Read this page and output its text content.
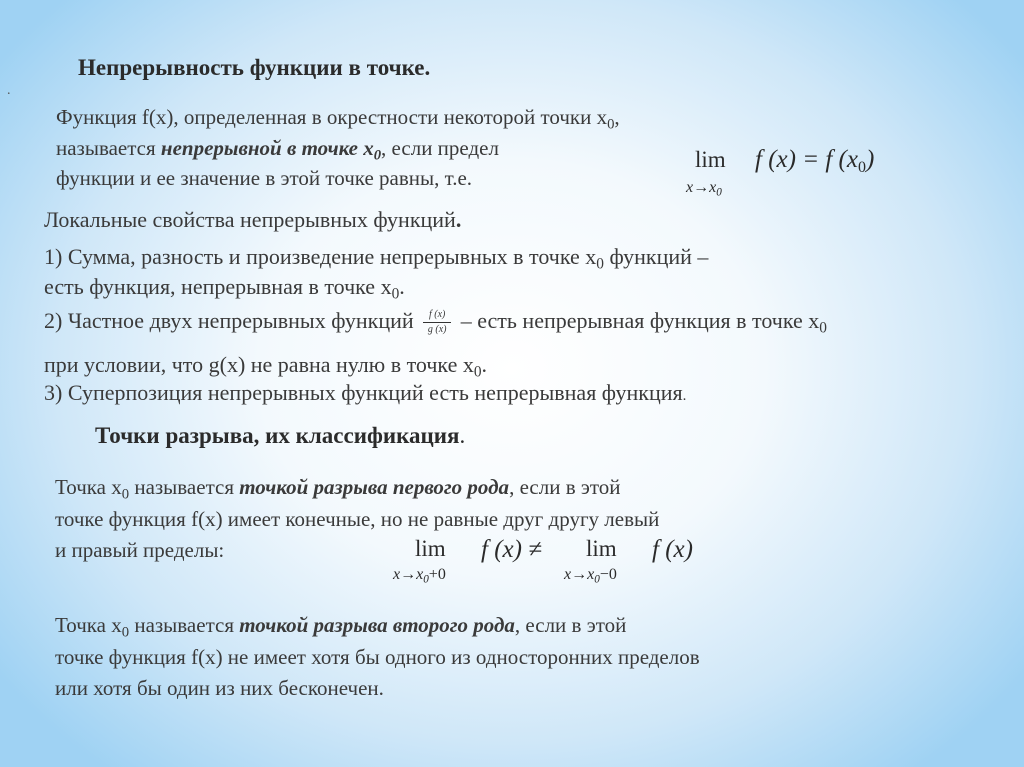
.
Непрерывность функции в точке.
Функция f(x), определенная в окрестности некоторой точки $x_0$,
называется непрерывной в точке $x_0$, если предел
функции и ее значение в этой точке равны, т.е.
lim
$x\to x_0$
f (x) = f $(x_0)$
Локальные свойства непрерывных функций.
1) Сумма, разность и произведение непрерывных в точке $x_0$ функций –
есть функция, непрерывная в точке $x_0$.
2) Частное двух непрерывных функций $\frac{f (x)}{g (x)}$ – есть непрерывная функция в точке $x_0$
при условии, что g(x) не равна нулю в точке $x_0$.
3) Суперпозиция непрерывных функций есть непрерывная функция.
Точки разрыва, их классификация.
Точка $x_0$ называется точкой разрыва первого рода, если в этой
точке функция f(x) имеет конечные, но не равные друг другу левый
и правый пределы:	lim
$x\to x_0+0$
f (x) ≠ lim
$x\to x_0-0$
f (x)
Точка $x_0$ называется точкой разрыва второго рода, если в этой
точке функция f(x) не имеет хотя бы одного из односторонних пределов
или хотя бы один из них бесконечен.
